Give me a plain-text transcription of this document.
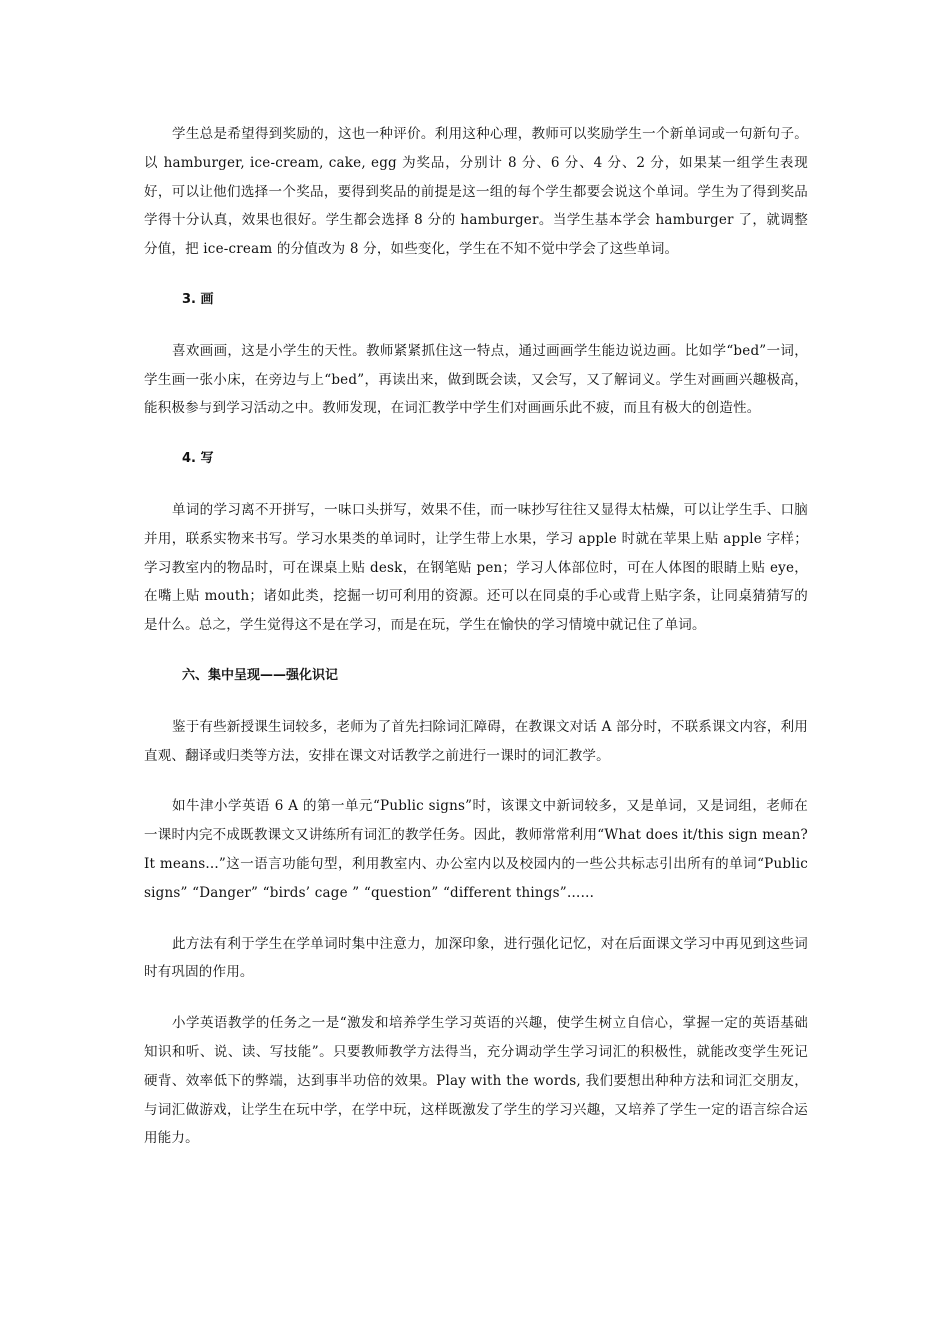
学生总是希望得到奖励的，这也一种评价。利用这种心理，教师可以奖励学生一个新单词或一句新句子。以 hamburger, ice-cream, cake, egg 为奖品，分别计 8 分、6 分、4 分、2 分，如果某一组学生表现好，可以让他们选择一个奖品，要得到奖品的前提是这一组的每个学生都要会说这个单词。学生为了得到奖品学得十分认真，效果也很好。学生都会选择 8 分的 hamburger。当学生基本学会 hamburger 了，就调整分值，把 ice-cream 的分值改为 8 分，如些变化，学生在不知不觉中学会了这些单词。

3. 画

喜欢画画，这是小学生的天性。教师紧紧抓住这一特点，通过画画学生能边说边画。比如学“bed”一词，学生画一张小床，在旁边与上“bed”，再读出来，做到既会读，又会写，又了解词义。学生对画画兴趣极高，能积极参与到学习活动之中。教师发现，在词汇教学中学生们对画画乐此不疲，而且有极大的创造性。

4. 写

单词的学习离不开拼写，一味口头拼写，效果不佳，而一味抄写往往又显得太枯燥，可以让学生手、口脑并用，联系实物来书写。学习水果类的单词时，让学生带上水果，学习 apple 时就在苹果上贴 apple 字样；学习教室内的物品时，可在课桌上贴 desk，在钢笔贴 pen；学习人体部位时，可在人体图的眼睛上贴 eye，在嘴上贴 mouth；诸如此类，挖掘一切可利用的资源。还可以在同桌的手心或背上贴字条，让同桌猜猜写的是什么。总之，学生觉得这不是在学习，而是在玩，学生在愉快的学习情境中就记住了单词。

六、集中呈现——强化识记

鉴于有些新授课生词较多，老师为了首先扫除词汇障碍，在教课文对话 A 部分时，不联系课文内容，利用直观、翻译或归类等方法，安排在课文对话教学之前进行一课时的词汇教学。

如牛津小学英语 6 A 的第一单元“Public signs”时，该课文中新词较多，又是单词，又是词组，老师在一课时内完不成既教课文又讲练所有词汇的教学任务。因此，教师常常利用“What does it/this sign mean? It means...”这一语言功能句型，利用教室内、办公室内以及校园内的一些公共标志引出所有的单词“Public signs” “Danger” “birds’ cage ” “question” “different things”……

此方法有利于学生在学单词时集中注意力，加深印象，进行强化记忆，对在后面课文学习中再见到这些词时有巩固的作用。

小学英语教学的任务之一是“激发和培养学生学习英语的兴趣，使学生树立自信心，掌握一定的英语基础知识和听、说、读、写技能”。只要教师教学方法得当，充分调动学生学习词汇的积极性，就能改变学生死记硬背、效率低下的弊端，达到事半功倍的效果。Play with the words, 我们要想出种种方法和词汇交朋友，与词汇做游戏，让学生在玩中学，在学中玩，这样既激发了学生的学习兴趣，又培养了学生一定的语言综合运用能力。
